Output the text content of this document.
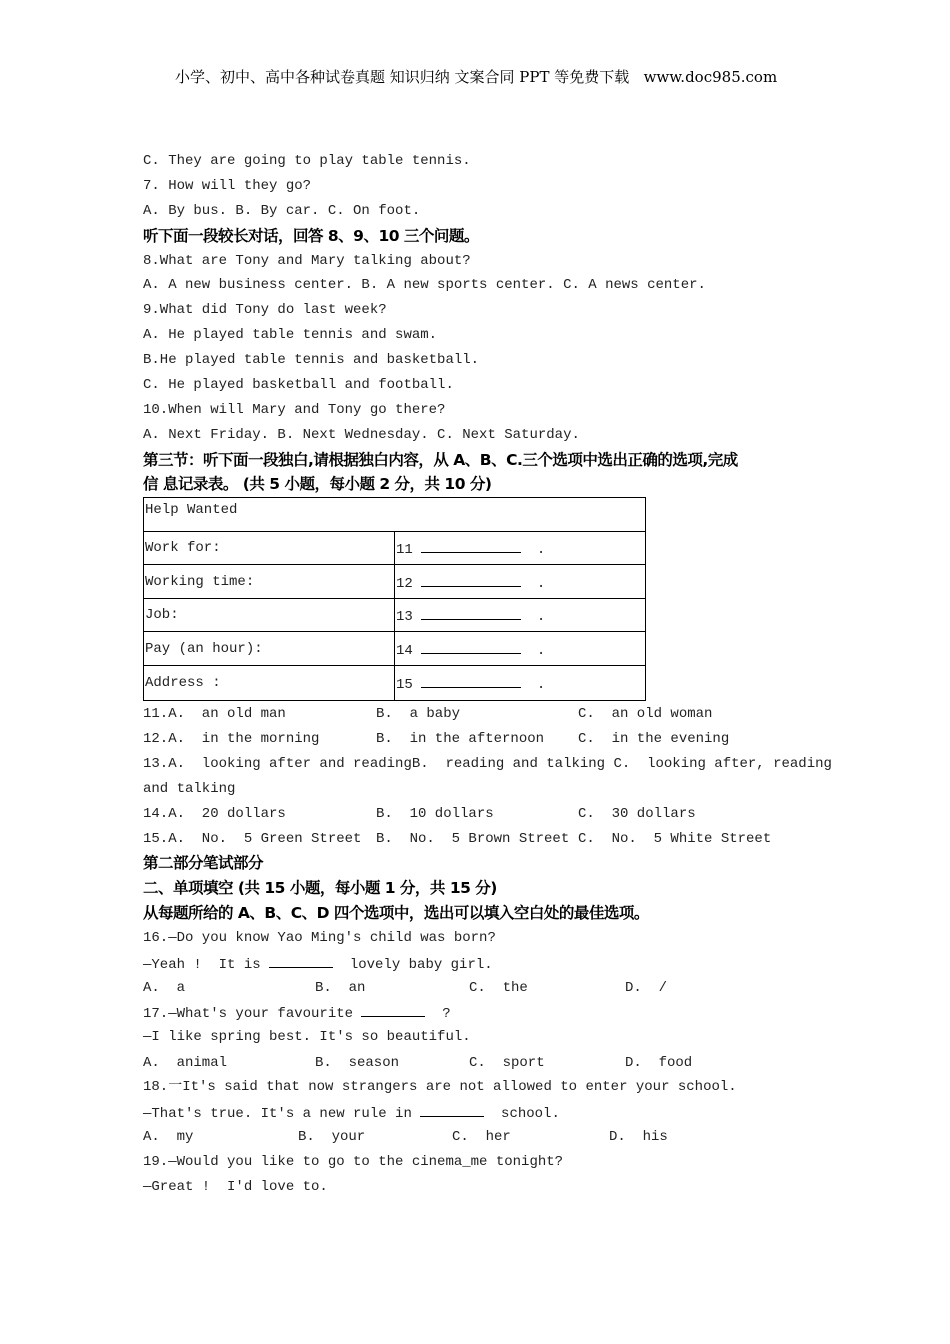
小学、初中、高中各种试卷真题 知识归纳 文案合同 PPT 等免费下载   www.doc985.com
C. They are going to play table tennis.
7. How will they go?
A. By bus. B. By car. C. On foot.
听下面一段较长对话，回答 8、9、10 三个问题。
8.What are Tony and Mary talking about?
A. A new business center. B. A new sports center. C. A news center.
9.What did Tony do last week?
A. He played table tennis and swam.
B.He played table tennis and basketball.
C. He played basketball and football.
10.When will Mary and Tony go there?
A. Next Friday. B. Next Wednesday. C. Next Saturday.
第三节：听下面一段独白,请根据独白内容，从 A、B、C.三个选项中选出正确的选项,完成
信 息记录表。 (共 5 小题，每小题 2 分，共 10 分)
Help Wanted	
Work for:	11 .
Working time:	12 .
Job:	13 .
Pay (an hour):	14 .
Address :	15 .
11.A.  an old man	B.  a baby	C.  an old woman
12.A.  in the morning	B.  in the afternoon C.  in the evening
13.A.  looking after and readingB.  reading and talking C.  looking after, reading
and talking
14.A.  20 dollars	B.  10 dollars	C.  30 dollars
15.A.  No.  5 Green Street B.  No.  5 Brown Street C.  No.  5 White Street
第二部分笔试部分
二、单项填空 (共 15 小题，每小题 1 分，共 15 分)
从每题所给的 A、B、C、D 四个选项中，选出可以填入空白处的最佳选项。
16.—Do you know Yao Ming's child was born?
—Yeah !  It is	lovely baby girl.
A.  a	B.  an	C.  the	D.  /
17.—What's your favourite	?
—I like spring best. It's so beautiful.
A.  animal	B.  season	C.  sport	D.  food
18.一It's said that now strangers are not allowed to enter your school.
—That's true. It's a new rule in	school.
A.  my	B.  your	C.  her	D.  his
19.—Would you like to go to the cinema_me tonight?
—Great !  I'd love to.
